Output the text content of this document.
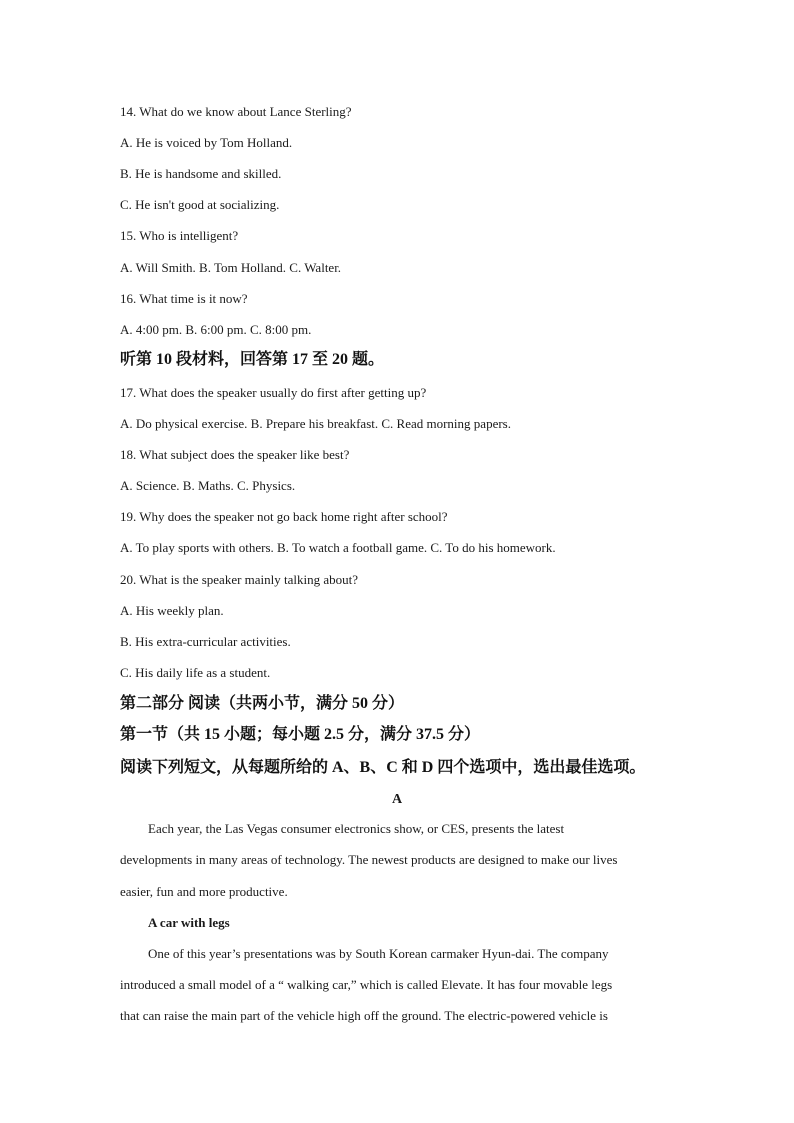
14. What do we know about Lance Sterling?
A. He is voiced by Tom Holland.
B. He is handsome and skilled.
C. He isn't good at socializing.
15. Who is intelligent?
A. Will Smith. B. Tom Holland. C. Walter.
16. What time is it now?
A. 4:00 pm. B. 6:00 pm. C. 8:00 pm.
听第 10 段材料，回答第 17 至 20 题。
17. What does the speaker usually do first after getting up?
A. Do physical exercise. B. Prepare his breakfast. C. Read morning papers.
18. What subject does the speaker like best?
A. Science. B. Maths. C. Physics.
19. Why does the speaker not go back home right after school?
A. To play sports with others. B. To watch a football game. C. To do his homework.
20. What is the speaker mainly talking about?
A. His weekly plan.
B. His extra-curricular activities.
C. His daily life as a student.
第二部分 阅读（共两小节，满分 50 分）
第一节（共 15 小题；每小题 2.5 分，满分 37.5 分）
阅读下列短文，从每题所给的 A、B、C 和 D 四个选项中，选出最佳选项。
A
Each year, the Las Vegas consumer electronics show, or CES, presents the latest
developments in many areas of technology. The newest products are designed to make our lives
easier, fun and more productive.
A car with legs
One of this year’s presentations was by South Korean carmaker Hyun-dai. The company
introduced a small model of a “ walking car,” which is called Elevate. It has four movable legs
that can raise the main part of the vehicle high off the ground. The electric-powered vehicle is
